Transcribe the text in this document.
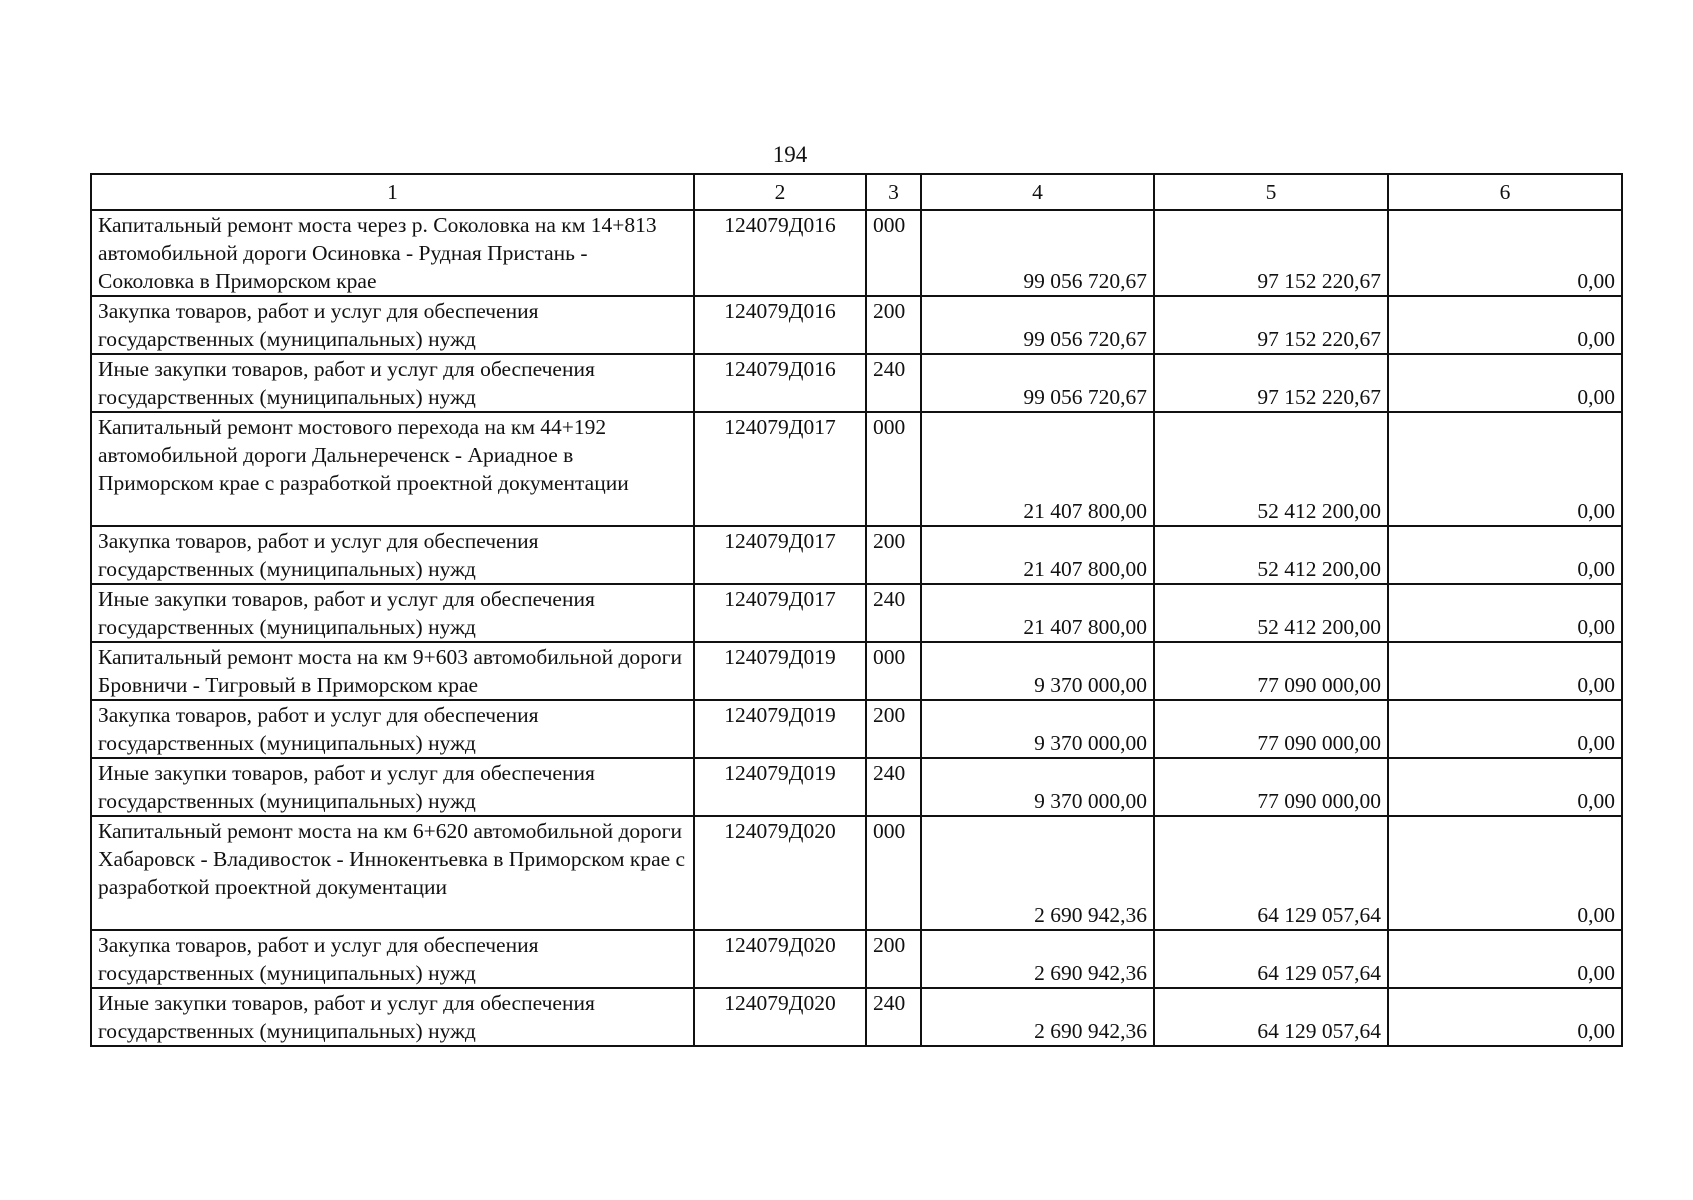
194
1	2	3	4	5	6
Капитальный ремонт моста через р. Соколовка на км 14+813 автомобильной дороги Осиновка - Рудная Пристань - Соколовка в Приморском крае	124079Д016	000	99 056 720,67	97 152 220,67	0,00
Закупка товаров, работ и услуг для обеспечения государственных (муниципальных) нужд	124079Д016	200	99 056 720,67	97 152 220,67	0,00
Иные закупки товаров, работ и услуг для обеспечения государственных (муниципальных) нужд	124079Д016	240	99 056 720,67	97 152 220,67	0,00
Капитальный ремонт мостового перехода на км 44+192 автомобильной дороги Дальнереченск - Ариадное в Приморском крае с разработкой проектной документации	124079Д017	000	21 407 800,00	52 412 200,00	0,00
Закупка товаров, работ и услуг для обеспечения государственных (муниципальных) нужд	124079Д017	200	21 407 800,00	52 412 200,00	0,00
Иные закупки товаров, работ и услуг для обеспечения государственных (муниципальных) нужд	124079Д017	240	21 407 800,00	52 412 200,00	0,00
Капитальный ремонт моста на км 9+603 автомобильной дороги Бровничи - Тигровый в Приморском крае	124079Д019	000	9 370 000,00	77 090 000,00	0,00
Закупка товаров, работ и услуг для обеспечения государственных (муниципальных) нужд	124079Д019	200	9 370 000,00	77 090 000,00	0,00
Иные закупки товаров, работ и услуг для обеспечения государственных (муниципальных) нужд	124079Д019	240	9 370 000,00	77 090 000,00	0,00
Капитальный ремонт моста на км 6+620 автомобильной дороги Хабаровск - Владивосток - Иннокентьевка в Приморском крае с разработкой проектной документации	124079Д020	000	2 690 942,36	64 129 057,64	0,00
Закупка товаров, работ и услуг для обеспечения государственных (муниципальных) нужд	124079Д020	200	2 690 942,36	64 129 057,64	0,00
Иные закупки товаров, работ и услуг для обеспечения государственных (муниципальных) нужд	124079Д020	240	2 690 942,36	64 129 057,64	0,00
